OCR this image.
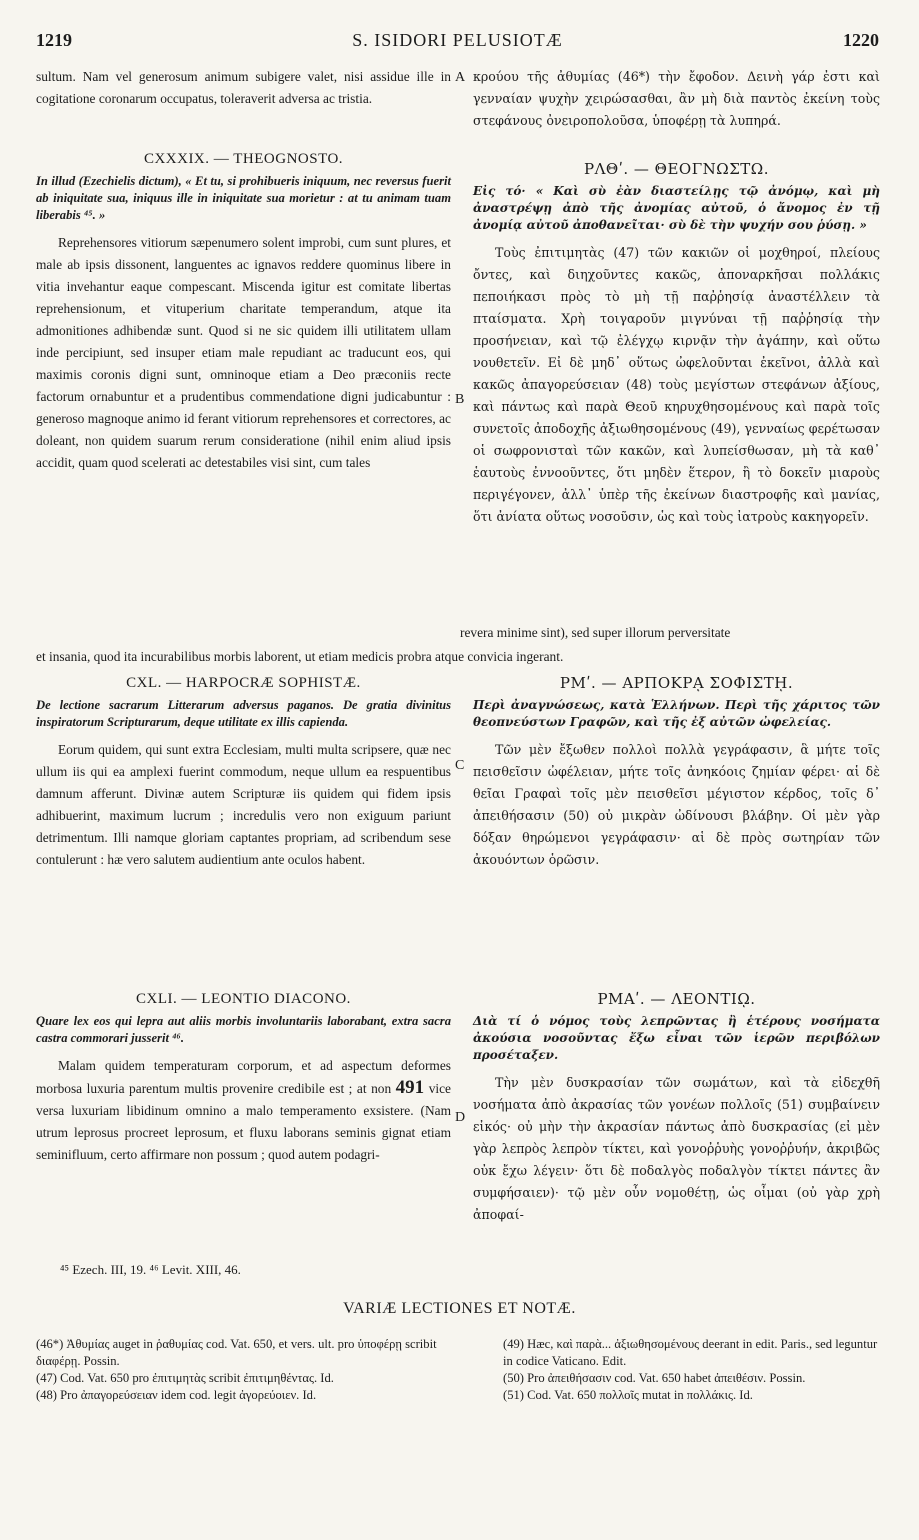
1219	S. ISIDORI PELUSIOTÆ	1220

sultum. Nam vel generosum animum subigere valet, nisi assidue ille in cogitatione coronarum occupatus, toleraverit adversa ac tristia.

CXXXIX. — THEOGNOSTO.
In illud (Ezechielis dictum), « Et tu, si prohibueris iniquum, nec reversus fuerit ab iniquitate sua, iniquus ille in iniquitate sua morietur : at tu animam tuam liberabis ⁴⁵. »

Reprehensores vitiorum sæpenumero solent improbi, cum sunt plures, et male ab ipsis dissonent, languentes ac ignavos reddere quominus libere in vitia invehantur eaque compescant. Miscenda igitur est comitate libertas reprehensionum, et vituperium charitate temperandum, atque ita admonitiones adhibendæ sunt. Quod si ne sic quidem illi utilitatem ullam inde percipiunt, sed insuper etiam male repudiant ac traducunt eos, qui maximis coronis digni sunt, omninoque etiam a Deo præconiis recte factorum ornabuntur et a prudentibus commendatione digni judicabuntur : generoso magnoque animo id ferant vitiorum reprehensores et correctores, ac doleant, non quidem suarum rerum consideratione (nihil enim aliud ipsis accidit, quam quod scelerati ac detestabiles visi sint, cum tales

CXL. — HARPOCRÆ SOPHISTÆ.
De lectione sacrarum Litterarum adversus paganos. De gratia divinitus inspiratorum Scripturarum, deque utilitate ex illis capienda.

Eorum quidem, qui sunt extra Ecclesiam, multi multa scripsere, quæ nec ullum iis qui ea amplexi fuerint commodum, neque ullum ea respuentibus damnum afferunt. Divinæ autem Scripturæ iis quidem qui fidem ipsis adhibuerint, maximum lucrum ; incredulis vero non exiguum pariunt detrimentum. Illi namque gloriam captantes propriam, ad scribendum sese contulerunt : hæ vero salutem audientium ante oculos habent.

CXLI. — LEONTIO DIACONO.
Quare lex eos qui lepra aut aliis morbis involuntariis laborabant, extra sacra castra commorari jusserit ⁴⁶.

Malam quidem temperaturam corporum, et ad aspectum deformes morbosa luxuria parentum multis provenire credibile est ; at non 491 vice versa luxuriam libidinum omnino a malo temperamento exsistere. (Nam utrum leprosus procreet leprosum, et fluxu laborans seminis gignat etiam seminifluum, certo affirmare non possum ; quod autem podagri-

κρούου τῆς ἀθυμίας (46*) τὴν ἔφοδον. Δεινὴ γάρ ἐστι καὶ γενναίαν ψυχὴν χειρώσασθαι, ἂν μὴ διὰ παντὸς ἐκείνη τοὺς στεφάνους ὀνειροπολοῦσα, ὑποφέρῃ τὰ λυπηρά.

ΡΛΘʹ. — ΘΕΟΓΝΩΣΤΩ.
Εἰς τό· « Καὶ σὺ ἐὰν διαστείλῃς τῷ ἀνόμῳ, καὶ μὴ ἀναστρέψῃ ἀπὸ τῆς ἀνομίας αὐτοῦ, ὁ ἄνομος ἐν τῇ ἀνομίᾳ αὐτοῦ ἀποθανεῖται· σὺ δὲ τὴν ψυχήν σου ῥύσῃ. »

Τοὺς ἐπιτιμητὰς (47) τῶν κακιῶν οἱ μοχθηροί, πλείους ὄντες, καὶ διηχοῦντες κακῶς, ἀποναρκῆσαι πολλάκις πεποιήκασι πρὸς τὸ μὴ τῇ παῤῥησίᾳ ἀναστέλλειν τὰ πταίσματα. Χρὴ τοιγαροῦν μιγνύναι τῇ παῤῥησίᾳ τὴν προσήνειαν, καὶ τῷ ἐλέγχῳ κιρνᾷν τὴν ἀγάπην, καὶ οὕτω νουθετεῖν. Εἰ δὲ μηδ᾽ οὕτως ὠφελοῦνται ἐκεῖνοι, ἀλλὰ καὶ κακῶς ἀπαγορεύσειαν (48) τοὺς μεγίστων στεφάνων ἀξίους, καὶ πάντως καὶ παρὰ Θεοῦ κηρυχθησομένους καὶ παρὰ τοῖς συνετοῖς ἀποδοχῆς ἀξιωθησομένους (49), γενναίως φερέτωσαν οἱ σωφρονισταὶ τῶν κακῶν, καὶ λυπείσθωσαν, μὴ τὰ καθ᾽ ἑαυτοὺς ἐννοοῦντες, ὅτι μηδὲν ἕτερον, ἢ τὸ δοκεῖν μιαροὺς περιγέγονεν, ἀλλ᾽ ὑπὲρ τῆς ἐκείνων διαστροφῆς καὶ μανίας, ὅτι ἀνίατα οὕτως νοσοῦσιν, ὡς καὶ τοὺς ἰατροὺς κακηγορεῖν.

ΡΜʹ. — ΑΡΠΟΚΡᾼ ΣΟΦΙΣΤῌ.
Περὶ ἀναγνώσεως, κατὰ Ἑλλήνων. Περὶ τῆς χάριτος τῶν θεοπνεύστων Γραφῶν, καὶ τῆς ἐξ αὐτῶν ὠφελείας.

Τῶν μὲν ἔξωθεν πολλοὶ πολλὰ γεγράφασιν, ἃ μήτε τοῖς πεισθεῖσιν ὠφέλειαν, μήτε τοῖς ἀνηκόοις ζημίαν φέρει· αἱ δὲ θεῖαι Γραφαὶ τοῖς μὲν πεισθεῖσι μέγιστον κέρδος, τοῖς δ᾽ ἀπειθήσασιν (50) οὐ μικρὰν ὠδίνουσι βλάβην. Οἱ μὲν γὰρ δόξαν θηρώμενοι γεγράφασιν· αἱ δὲ πρὸς σωτηρίαν τῶν ἀκουόντων ὁρῶσιν.

ΡΜΑʹ. — ΛΕΟΝΤΙῼ.
Διὰ τί ὁ νόμος τοὺς λεπρῶντας ἢ ἑτέρους νοσήματα ἀκούσια νοσοῦντας ἔξω εἶναι τῶν ἱερῶν περιβόλων προσέταξεν.

Τὴν μὲν δυσκρασίαν τῶν σωμάτων, καὶ τὰ εἰδεχθῆ νοσήματα ἀπὸ ἀκρασίας τῶν γονέων πολλοῖς (51) συμβαίνειν εἰκός· οὐ μὴν τὴν ἀκρασίαν πάντως ἀπὸ δυσκρασίας (εἰ μὲν γὰρ λεπρὸς λεπρὸν τίκτει, καὶ γονοῤῥυὴς γονοῤῥυήν, ἀκριβῶς οὐκ ἔχω λέγειν· ὅτι δὲ ποδαλγὸς ποδαλγὸν τίκτει πάντες ἂν συμφήσαιεν)· τῷ μὲν οὖν νομοθέτῃ, ὡς οἶμαι (οὐ γὰρ χρὴ ἀποφαί-

revera minime sint), sed super illorum perversitate
et insania, quod ita incurabilibus morbis laborent, ut etiam medicis probra atque convicia ingerant.
A
B
C
D
⁴⁵ Ezech. III, 19. ⁴⁶ Levit. XIII, 46.
VARIÆ LECTIONES ET NOTÆ.

(46*) Ἀθυμίας auget in ῥαθυμίας cod. Vat. 650, et vers. ult. pro ὑποφέρῃ scribit διαφέρῃ. Possin.

(47) Cod. Vat. 650 pro ἐπιτιμητὰς scribit ἐπιτιμηθέντας. Id.

(48) Pro ἀπαγορεύσειαν idem cod. legit ἀγορεύοιεν. Id.

(49) Hæc, καὶ παρὰ... ἀξιωθησομένους deerant in edit. Paris., sed leguntur in codice Vaticano. Edit.

(50) Pro ἀπειθήσασιν cod. Vat. 650 habet ἀπειθέσιν. Possin.

(51) Cod. Vat. 650 πολλοῖς mutat in πολλάκις. Id.
